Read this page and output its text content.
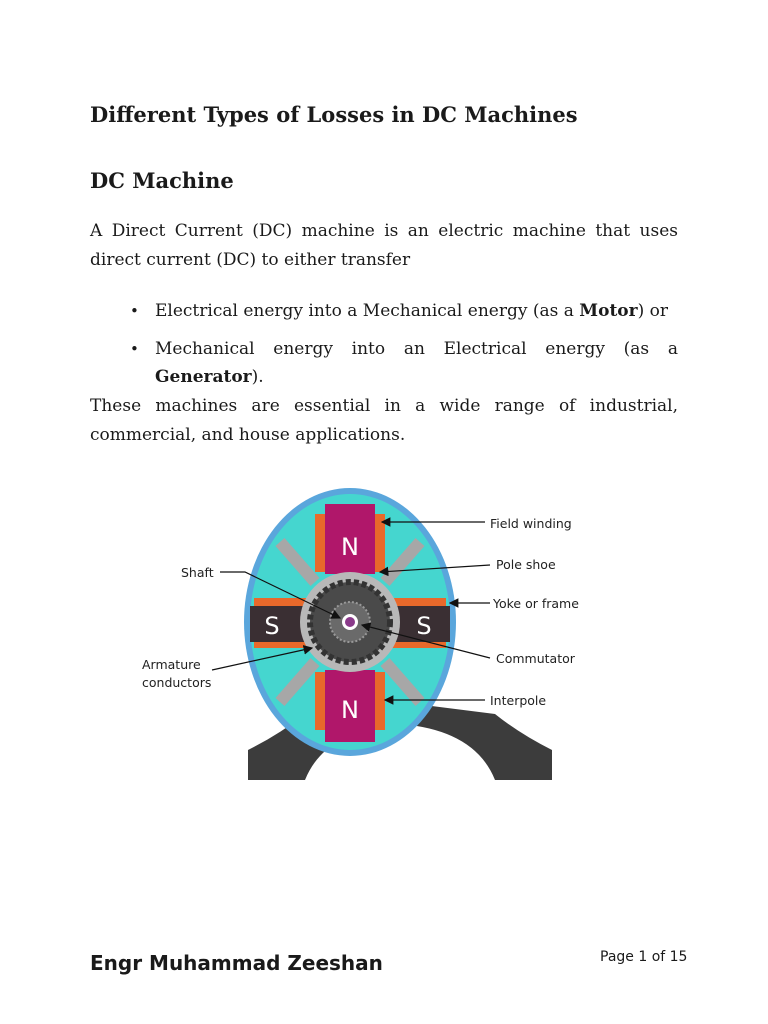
Different Types of Losses in DC Machines
DC Machine

A Direct Current (DC) machine is an electric machine that uses direct current (DC) to either transfer

• Electrical energy into a Mechanical energy (as a Motor) or
• Mechanical energy into an Electrical energy (as a Generator).

These machines are essential in a wide range of industrial, commercial, and house applications.

N
N
S	S
Field winding
Pole shoe
Yoke or frame
Commutator
Interpole
Shaft
Armature
conductors

Engr Muhammad Zeeshan	Page 1 of 15
